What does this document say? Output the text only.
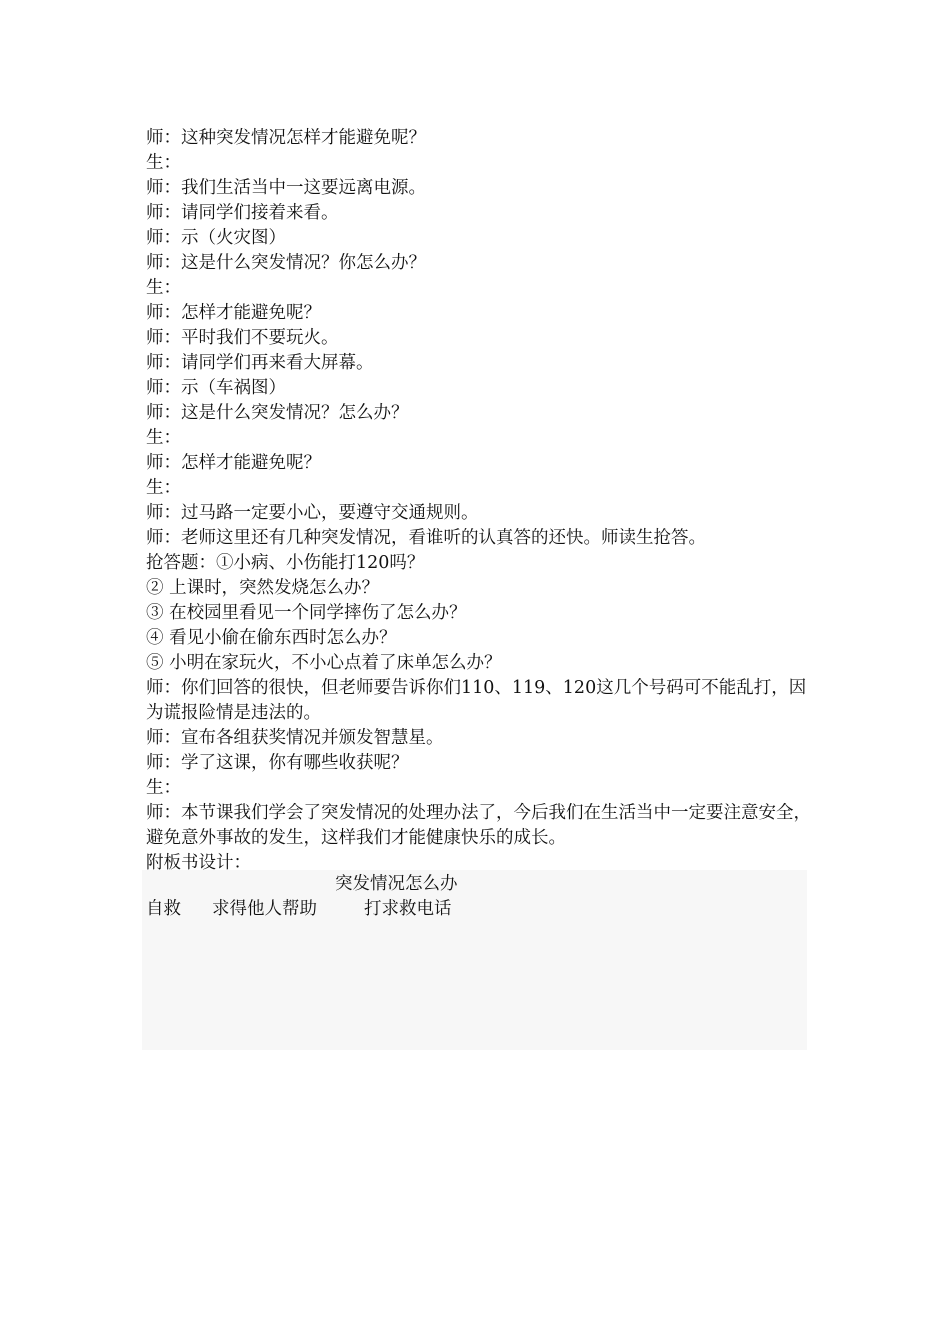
突发情况怎么办
自救 求得他人帮助	打求救电话
师：这种突发情况怎样才能避免呢？
生：
师：我们生活当中一这要远离电源。
师：请同学们接着来看。
师：示（火灾图）
师：这是什么突发情况？你怎么办？
生：
师：怎样才能避免呢？
师：平时我们不要玩火。
师：请同学们再来看大屏幕。
师：示（车祸图）
师：这是什么突发情况？怎么办？
生：
师：怎样才能避免呢？
生：
师：过马路一定要小心，要遵守交通规则。
师：老师这里还有几种突发情况，看谁听的认真答的还快。师读生抢答。
抢答题：①小病、小伤能打120吗？
② 上课时，突然发烧怎么办？
③ 在校园里看见一个同学摔伤了怎么办？
④ 看见小偷在偷东西时怎么办？
⑤ 小明在家玩火，不小心点着了床单怎么办？
师：你们回答的很快，但老师要告诉你们110、119、120这几个号码可不能乱打，因为谎报险情是违法的。
师：宣布各组获奖情况并颁发智慧星。
师：学了这课，你有哪些收获呢？
生：
师：本节课我们学会了突发情况的处理办法了，今后我们在生活当中一定要注意安全，避免意外事故的发生，这样我们才能健康快乐的成长。
附板书设计：
